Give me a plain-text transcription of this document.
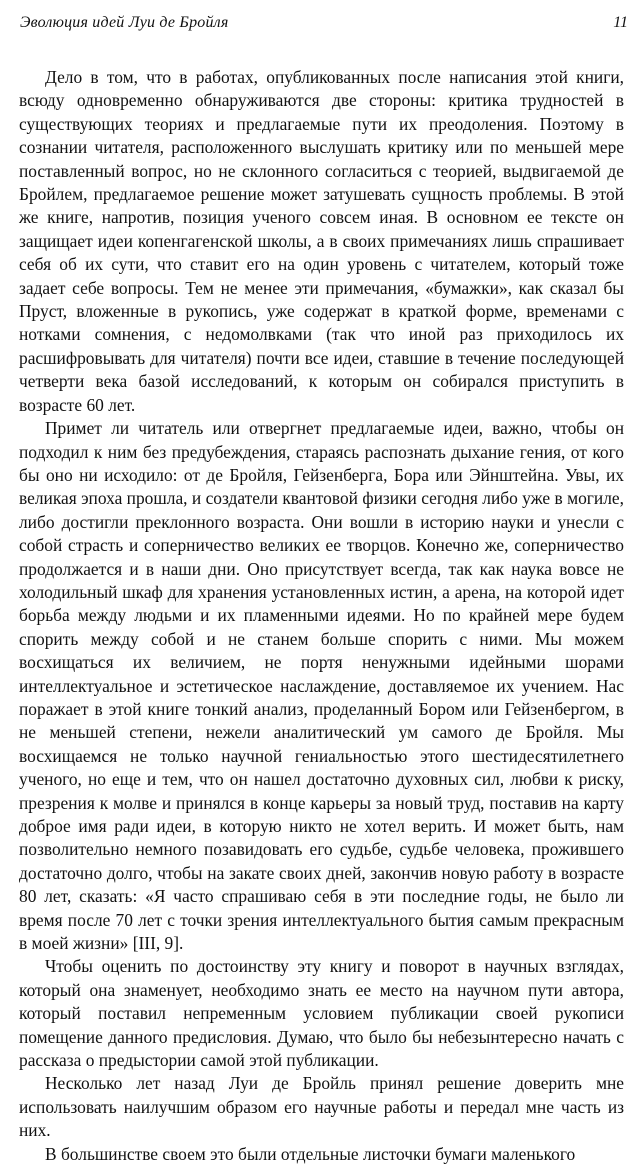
Эволюция идей Луи де Бройля	11

Дело в том, что в работах, опубликованных после написания этой книги, всюду одновременно обнаруживаются две стороны: критика трудностей в существующих теориях и предлагаемые пути их преодоления. Поэтому в сознании читателя, расположенного выслушать критику или по меньшей мере поставленный вопрос, но не склонного согласиться с теорией, выдвигаемой де Бройлем, предлагаемое решение может затушевать сущность проблемы. В этой же книге, напротив, позиция ученого совсем иная. В основном ее тексте он защищает идеи копенгагенской школы, а в своих примечаниях лишь спрашивает себя об их сути, что ставит его на один уровень с читателем, который тоже задает себе вопросы. Тем не менее эти примечания, «бумажки», как сказал бы Пруст, вложенные в рукопись, уже содержат в краткой форме, временами с нотками сомнения, с недомолвками (так что иной раз приходилось их расшифровывать для читателя) почти все идеи, ставшие в течение последующей четверти века базой исследований, к которым он собирался приступить в возрасте 60 лет.

Примет ли читатель или отвергнет предлагаемые идеи, важно, чтобы он подходил к ним без предубеждения, стараясь распознать дыхание гения, от кого бы оно ни исходило: от де Бройля, Гейзенберга, Бора или Эйнштейна. Увы, их великая эпоха прошла, и создатели квантовой физики сегодня либо уже в могиле, либо достигли преклонного возраста. Они вошли в историю науки и унесли с собой страсть и соперничество великих ее творцов. Конечно же, соперничество продолжается и в наши дни. Оно присутствует всегда, так как наука вовсе не холодильный шкаф для хранения установленных истин, а арена, на которой идет борьба между людьми и их пламенными идеями. Но по крайней мере будем спорить между собой и не станем больше спорить с ними. Мы можем восхищаться их величием, не портя ненужными идейными шорами интеллектуальное и эстетическое наслаждение, доставляемое их учением. Нас поражает в этой книге тонкий анализ, проделанный Бором или Гейзенбергом, в не меньшей степени, нежели аналитический ум самого де Бройля. Мы восхищаемся не только научной гениальностью этого шестидесятилетнего ученого, но еще и тем, что он нашел достаточно духовных сил, любви к риску, презрения к молве и принялся в конце карьеры за новый труд, поставив на карту доброе имя ради идеи, в которую никто не хотел верить. И может быть, нам позволительно немного позавидовать его судьбе, судьбе человека, прожившего достаточно долго, чтобы на закате своих дней, закончив новую работу в возрасте 80 лет, сказать: «Я часто спрашиваю себя в эти последние годы, не было ли время после 70 лет с точки зрения интеллектуального бытия самым прекрасным в моей жизни» [III, 9].

Чтобы оценить по достоинству эту книгу и поворот в научных взглядах, который она знаменует, необходимо знать ее место на научном пути автора, который поставил непременным условием публикации своей рукописи помещение данного предисловия. Думаю, что было бы небезынтересно начать с рассказа о предыстории самой этой публикации.

Несколько лет назад Луи де Бройль принял решение доверить мне использовать наилучшим образом его научные работы и передал мне часть из них.

В большинстве своем это были отдельные листочки бумаги маленького
